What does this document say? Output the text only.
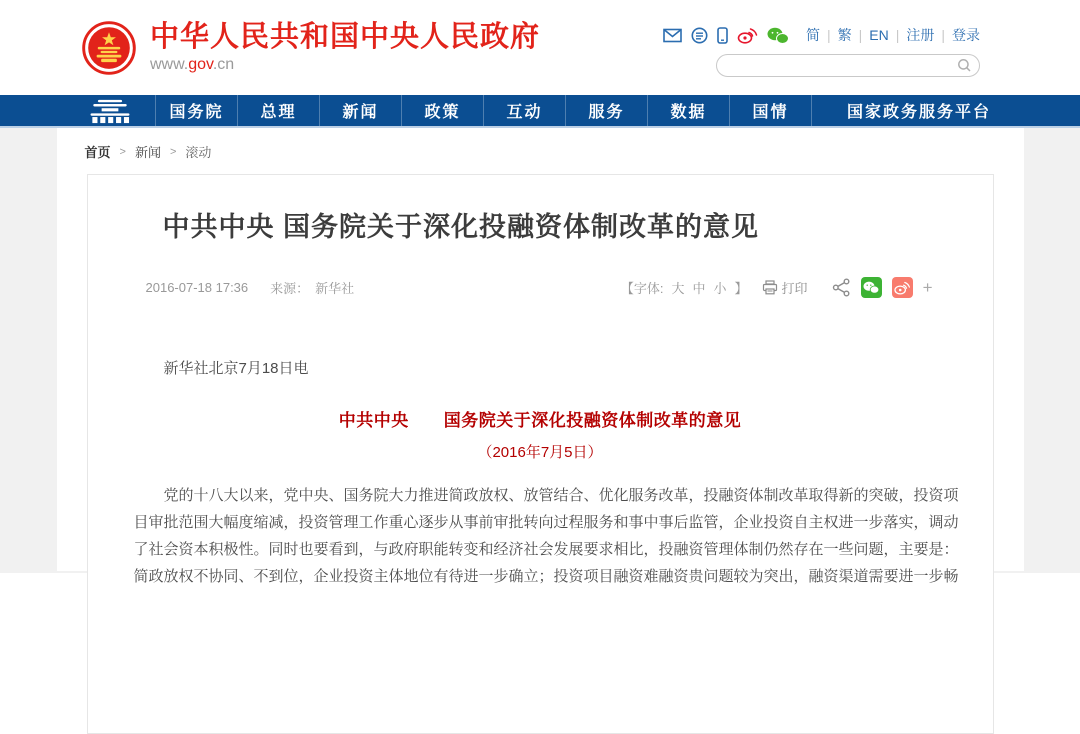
中华人民共和国中央人民政府
www.gov.cn
简 | 繁 | EN | 注册 | 登录
国务院	总理	新闻	政策	互动	服务	数据	国情	国家政务服务平台
首页 > 新闻 > 滚动
中共中央 国务院关于深化投融资体制改革的意见
2016-07-18 17:36 来源： 新华社	【字体: 大 中 小 】	打印	+

新华社北京7月18日电

中共中央　　国务院关于深化投融资体制改革的意见

（2016年7月5日）

党的十八大以来，党中央、国务院大力推进简政放权、放管结合、优化服务改革，投融资体制改革取得新的突破，投资项
目审批范围大幅度缩减，投资管理工作重心逐步从事前审批转向过程服务和事中事后监管，企业投资自主权进一步落实，调动
了社会资本积极性。同时也要看到，与政府职能转变和经济社会发展要求相比，投融资管理体制仍然存在一些问题，主要是：
简政放权不协同、不到位，企业投资主体地位有待进一步确立；投资项目融资难融资贵问题较为突出，融资渠道需要进一步畅
